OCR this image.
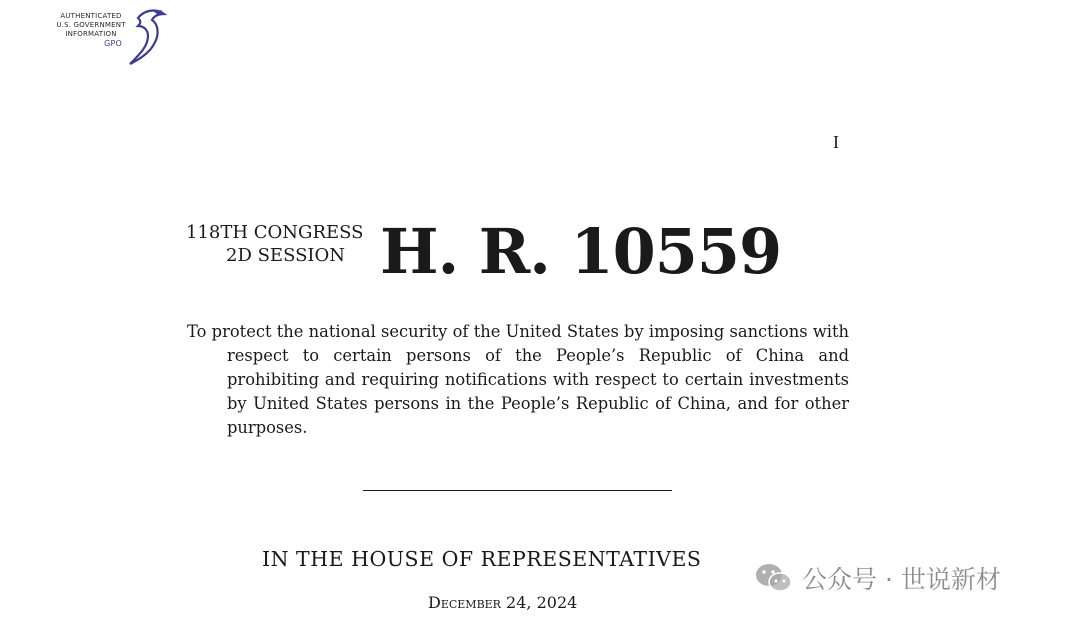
AUTHENTICATED
U.S. GOVERNMENT
INFORMATION
GPO
I
118TH CONGRESS
2D SESSION H. R. 10559
To protect the national security of the United States by imposing sanctions with respect to certain persons of the People’s Republic of China and prohibiting and requiring notifications with respect to certain investments by United States persons in the People’s Republic of China, and for other purposes.
IN THE HOUSE OF REPRESENTATIVES
December 24, 2024
公众号 · 世说新材
